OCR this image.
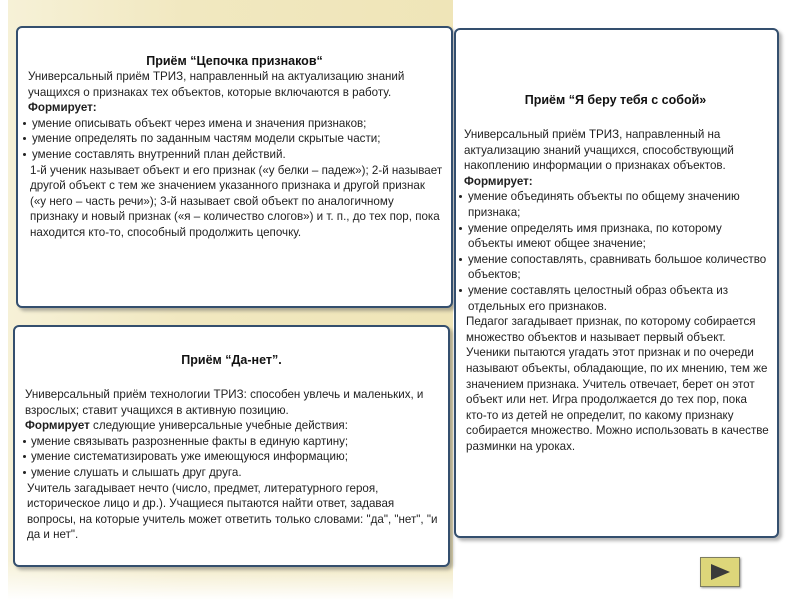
Приём “Цепочка признаков“

Универсальный приём ТРИЗ, направленный на актуализацию знаний учащихся о признаках тех объектов, которые включаются в работу.

Формирует:

умение описывать объект через имена и значения признаков;
умение определять по заданным частям модели скрытые части;
умение составлять внутренний план действий.

1-й ученик называет объект и его признак («у белки – падеж»); 2-й называет другой объект с тем же значением указанного признака и другой признак («у него – часть речи»); 3-й называет свой объект по аналогичному признаку и новый признак («я – количество слогов») и т. п., до тех пор, пока находится кто-то, способный продолжить цепочку.

Приём “Да-нет”.

Универсальный приём технологии ТРИЗ: способен увлечь и маленьких, и взрослых; ставит учащихся в активную позицию.

Формирует следующие универсальные учебные действия:

умение связывать разрозненные факты в единую картину;
умение систематизировать уже имеющуюся информацию;
умение слушать и слышать друг друга.

Учитель загадывает нечто (число, предмет, литературного героя, историческое лицо и др.). Учащиеся пытаются найти ответ, задавая вопросы, на которые учитель может ответить только словами: "да", "нет", "и да и нет".

Приём “Я беру тебя с собой»

Универсальный приём ТРИЗ, направленный на актуализацию знаний учащихся, способствующий накоплению информации о признаках объектов.

Формирует:

умение объединять объекты по общему значению признака;
умение определять имя признака, по которому объекты имеют общее значение;
умение сопоставлять, сравнивать большое количество объектов;
умение составлять целостный образ объекта из отдельных его признаков.

Педагог загадывает признак, по которому собирается множество объектов и называет первый объект. Ученики пытаются угадать этот признак и по очереди называют объекты, обладающие, по их мнению, тем же значением признака. Учитель отвечает, берет он этот объект или нет. Игра продолжается до тех пор, пока кто-то из детей не определит, по какому признаку собирается множество. Можно использовать в качестве разминки на уроках.
